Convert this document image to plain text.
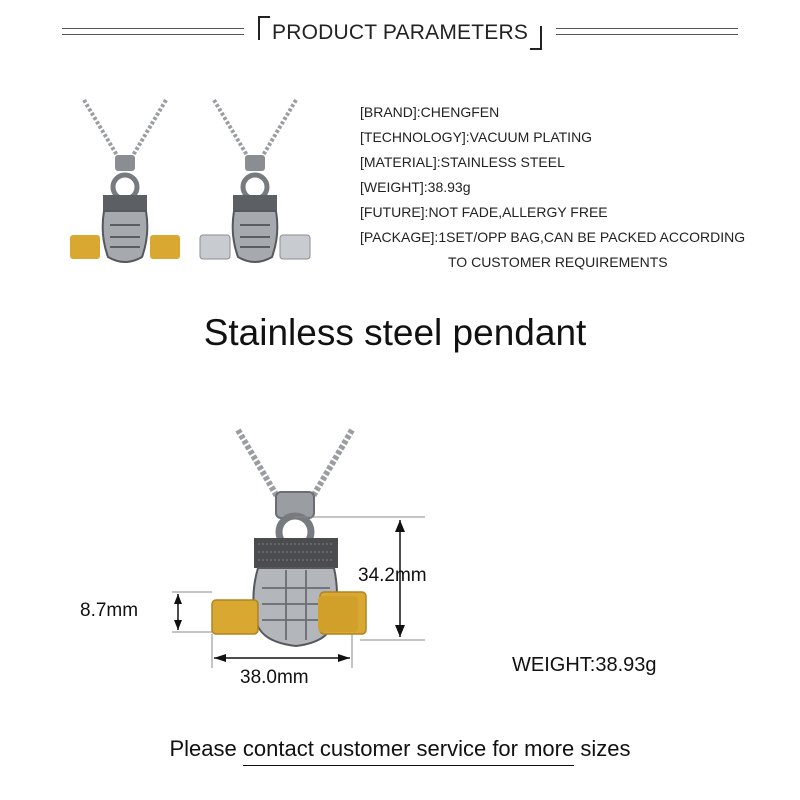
PRODUCT PARAMETERS
[BRAND]:CHENGFEN
[TECHNOLOGY]:VACUUM PLATING
[MATERIAL]:STAINLESS STEEL
[WEIGHT]:38.93g
[FUTURE]:NOT FADE,ALLERGY FREE
[PACKAGE]:1SET/OPP BAG,CAN BE PACKED ACCORDING
TO CUSTOMER REQUIREMENTS
Stainless steel pendant
34.2mm
8.7mm
38.0mm
WEIGHT:38.93g
Please contact customer service for more sizes
